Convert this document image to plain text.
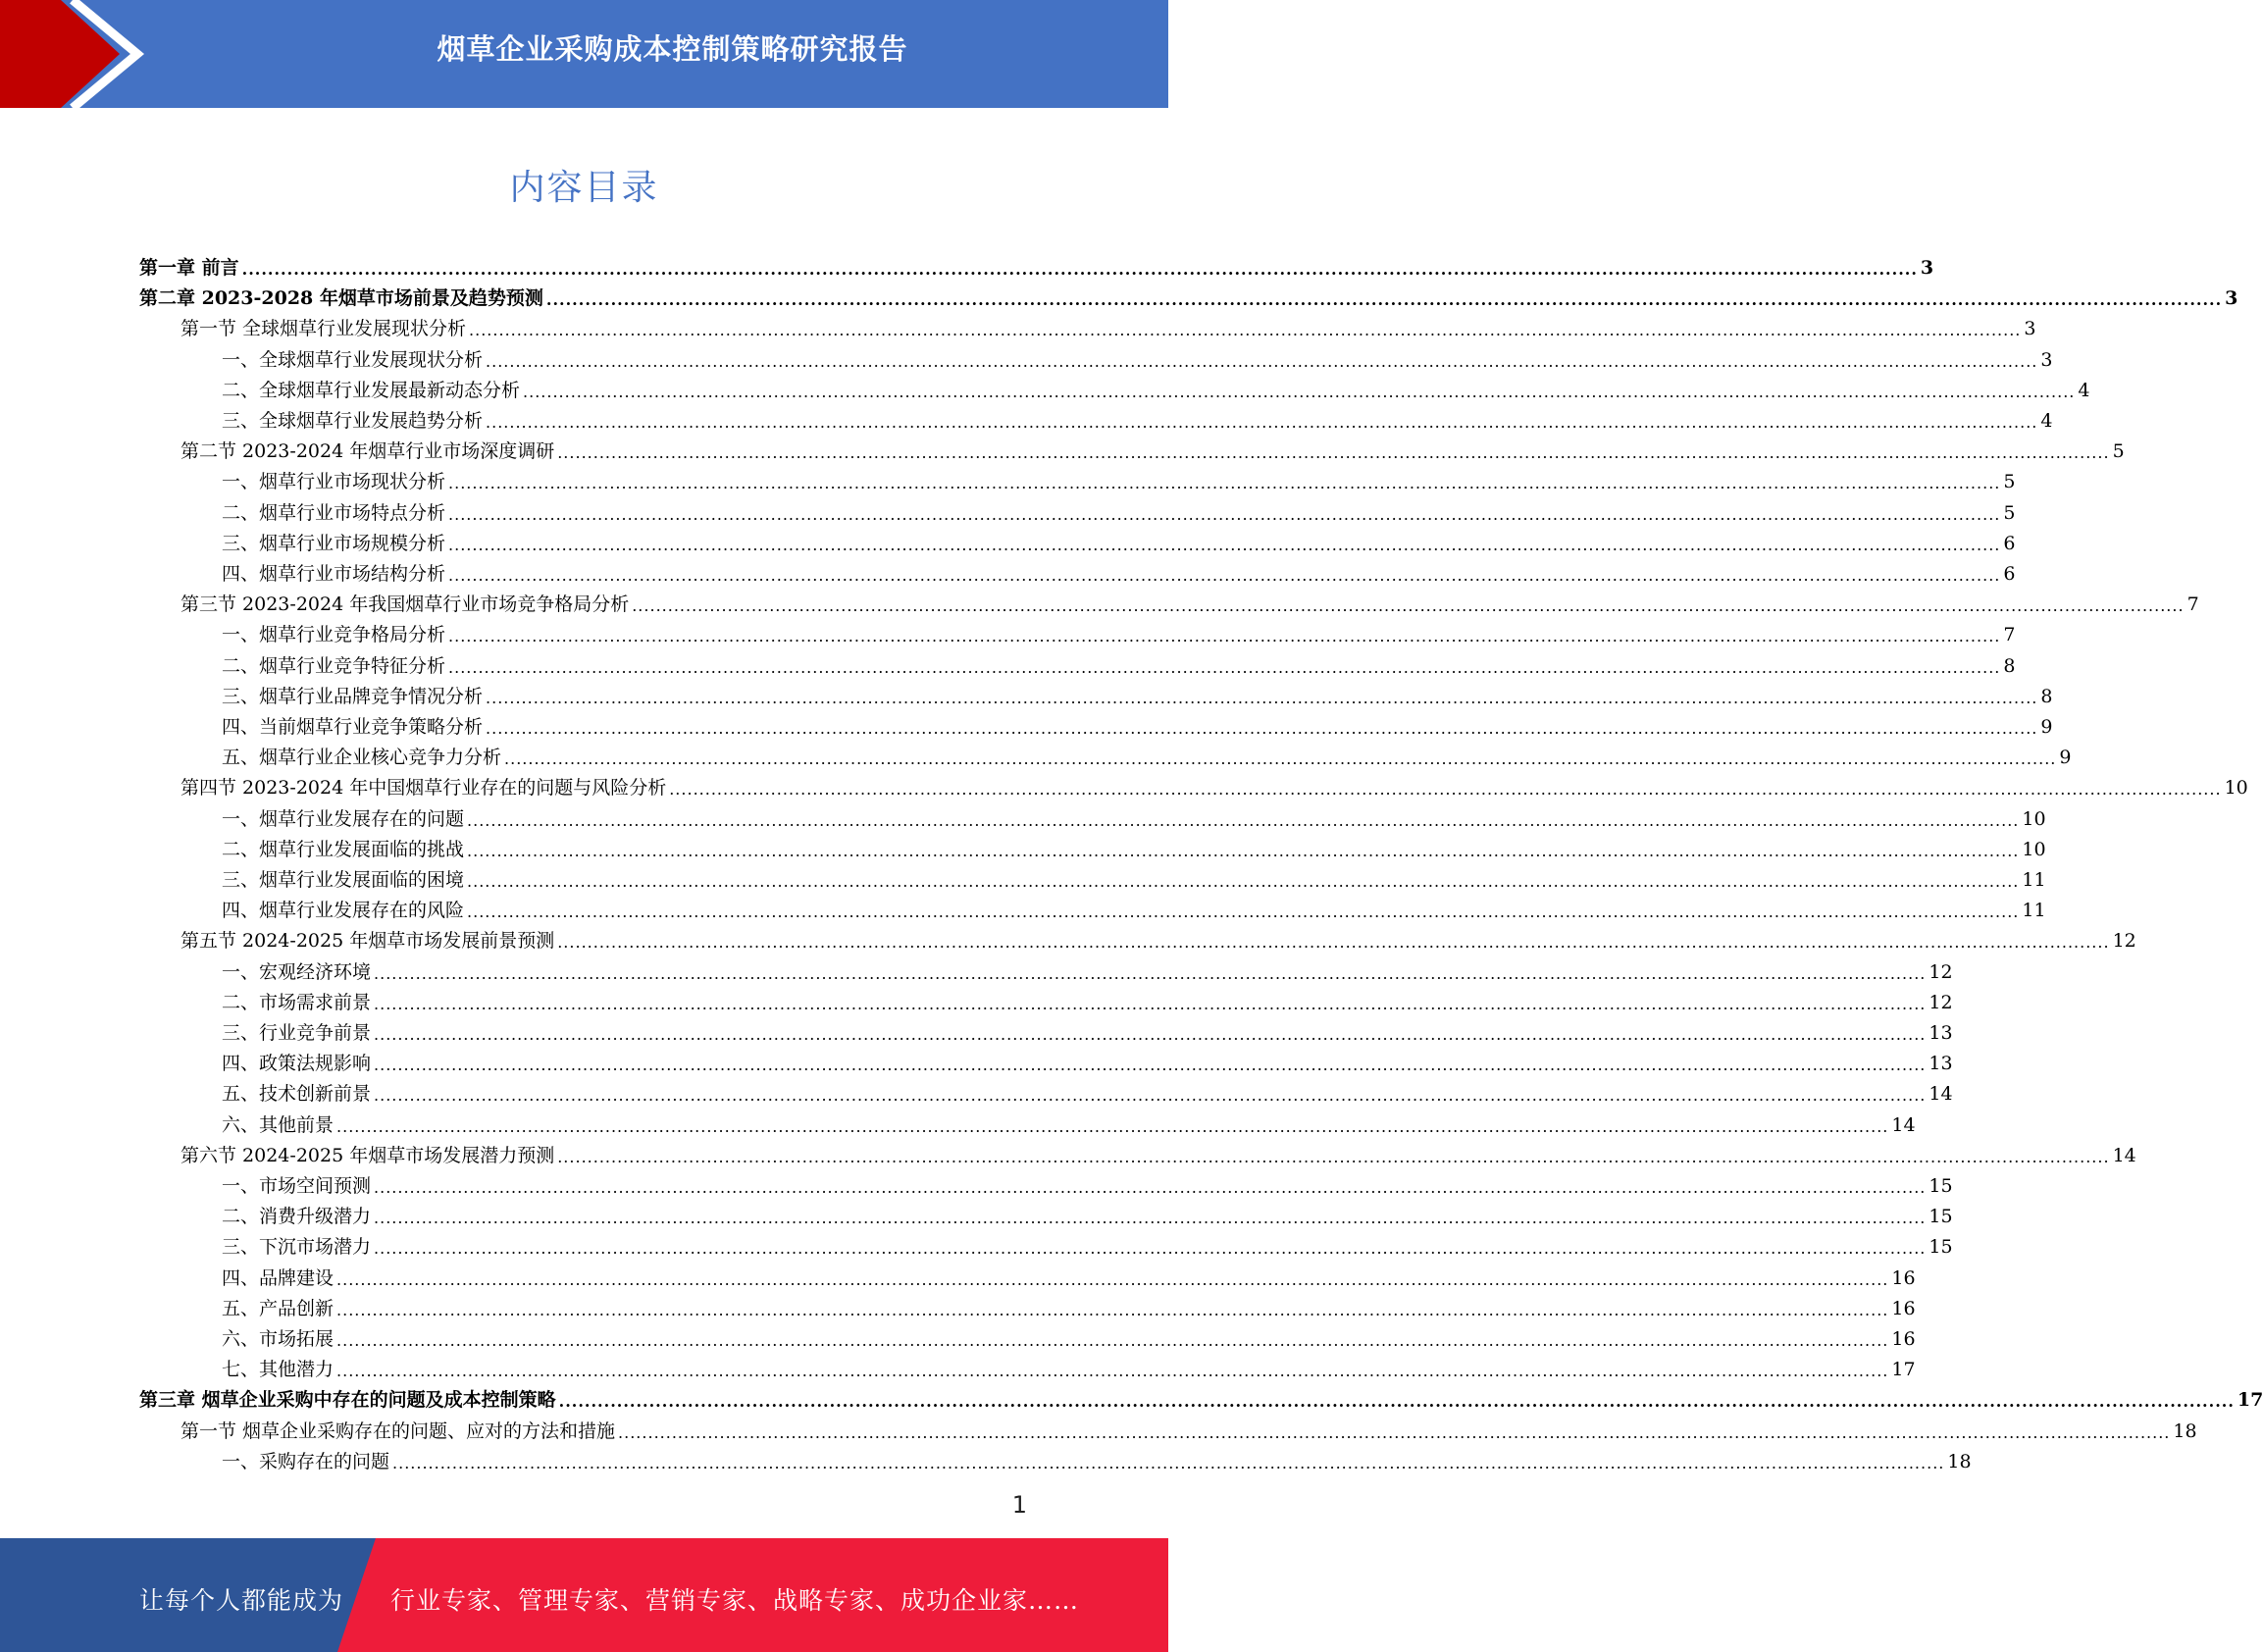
烟草企业采购成本控制策略研究报告
内容目录
第一章 前言 .................................................................................................................................................................................................................................................................... 3
第二章 2023-2028 年烟草市场前景及趋势预测 .................................................................................................................................................................................................................................................................... 3
第一节 全球烟草行业发展现状分析 .................................................................................................................................................................................................................................................................... 3
一、全球烟草行业发展现状分析 .................................................................................................................................................................................................................................................................... 3
二、全球烟草行业发展最新动态分析 .................................................................................................................................................................................................................................................................... 4
三、全球烟草行业发展趋势分析 .................................................................................................................................................................................................................................................................... 4
第二节 2023-2024 年烟草行业市场深度调研 .................................................................................................................................................................................................................................................................... 5
一、烟草行业市场现状分析 .................................................................................................................................................................................................................................................................... 5
二、烟草行业市场特点分析 .................................................................................................................................................................................................................................................................... 5
三、烟草行业市场规模分析 .................................................................................................................................................................................................................................................................... 6
四、烟草行业市场结构分析 .................................................................................................................................................................................................................................................................... 6
第三节 2023-2024 年我国烟草行业市场竞争格局分析 .................................................................................................................................................................................................................................................................... 7
一、烟草行业竞争格局分析 .................................................................................................................................................................................................................................................................... 7
二、烟草行业竞争特征分析 .................................................................................................................................................................................................................................................................... 8
三、烟草行业品牌竞争情况分析 .................................................................................................................................................................................................................................................................... 8
四、当前烟草行业竞争策略分析 .................................................................................................................................................................................................................................................................... 9
五、烟草行业企业核心竞争力分析 .................................................................................................................................................................................................................................................................... 9
第四节 2023-2024 年中国烟草行业存在的问题与风险分析 .................................................................................................................................................................................................................................................................... 10
一、烟草行业发展存在的问题 .................................................................................................................................................................................................................................................................... 10
二、烟草行业发展面临的挑战 .................................................................................................................................................................................................................................................................... 10
三、烟草行业发展面临的困境 .................................................................................................................................................................................................................................................................... 11
四、烟草行业发展存在的风险 .................................................................................................................................................................................................................................................................... 11
第五节 2024-2025 年烟草市场发展前景预测 .................................................................................................................................................................................................................................................................... 12
一、宏观经济环境 .................................................................................................................................................................................................................................................................... 12
二、市场需求前景 .................................................................................................................................................................................................................................................................... 12
三、行业竞争前景 .................................................................................................................................................................................................................................................................... 13
四、政策法规影响 .................................................................................................................................................................................................................................................................... 13
五、技术创新前景 .................................................................................................................................................................................................................................................................... 14
六、其他前景 .................................................................................................................................................................................................................................................................... 14
第六节 2024-2025 年烟草市场发展潜力预测 .................................................................................................................................................................................................................................................................... 14
一、市场空间预测 .................................................................................................................................................................................................................................................................... 15
二、消费升级潜力 .................................................................................................................................................................................................................................................................... 15
三、下沉市场潜力 .................................................................................................................................................................................................................................................................... 15
四、品牌建设 .................................................................................................................................................................................................................................................................... 16
五、产品创新 .................................................................................................................................................................................................................................................................... 16
六、市场拓展 .................................................................................................................................................................................................................................................................... 16
七、其他潜力 .................................................................................................................................................................................................................................................................... 17
第三章 烟草企业采购中存在的问题及成本控制策略 .................................................................................................................................................................................................................................................................... 17
第一节 烟草企业采购存在的问题、应对的方法和措施 .................................................................................................................................................................................................................................................................... 18
一、采购存在的问题 .................................................................................................................................................................................................................................................................... 18
1
让每个人都能成为 行业专家、管理专家、营销专家、战略专家、成功企业家……
